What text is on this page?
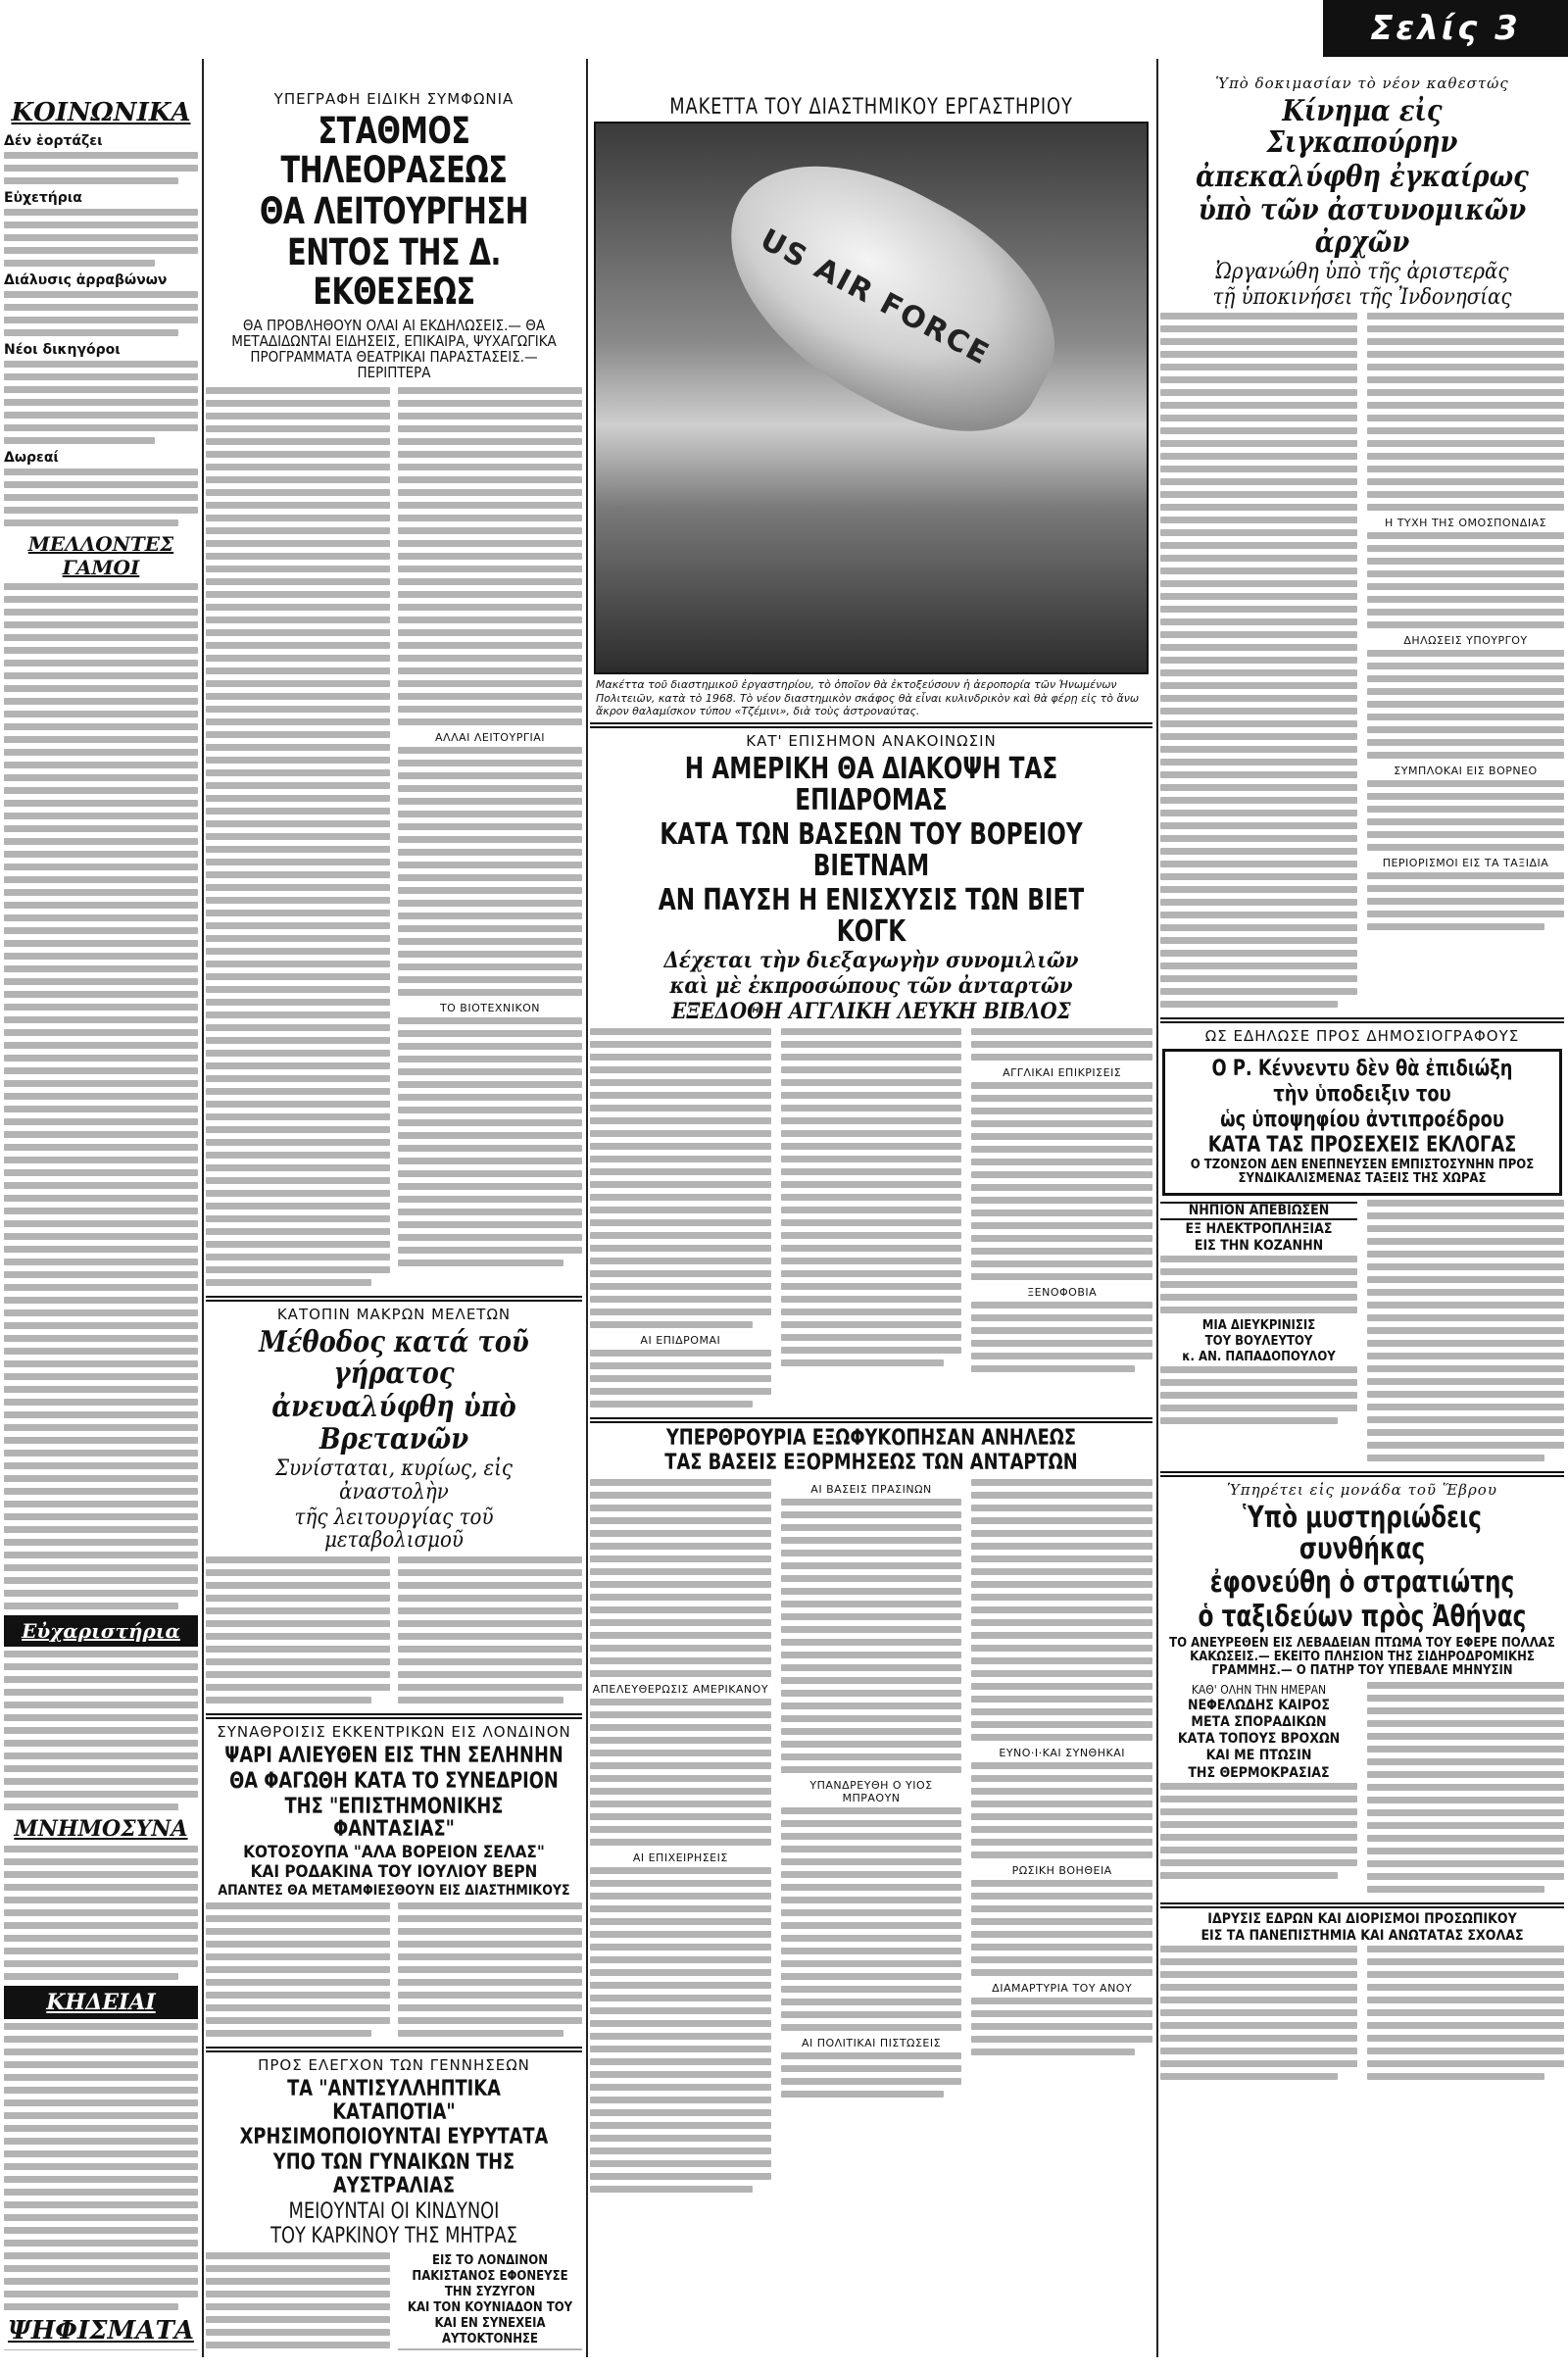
Σελίς 3
ΚΟΙΝΩΝΙΚΑ
Δέν ἑορτάζει
Εὐχετήρια
Διάλυσις ἀρραβώνων
Νέοι δικηγόροι
Δωρεαί
ΜΕΛΛΟΝΤΕΣ ΓΑΜΟΙ
Εὐχαριστήρια
ΜΝΗΜΟΣΥΝΑ
ΚΗΔΕΙΑΙ
ΨΗΦΙΣΜΑΤΑ
ΥΠΕΓΡΑΦΗ ΕΙΔΙΚΗ ΣΥΜΦΩΝΙΑ
ΣΤΑΘΜΟΣ ΤΗΛΕΟΡΑΣΕΩΣ
ΘΑ ΛΕΙΤΟΥΡΓΗΣΗ
ΕΝΤΟΣ ΤΗΣ Δ. ΕΚΘΕΣΕΩΣ
ΘΑ ΠΡΟΒΛΗΘΟΥΝ ΟΛΑΙ ΑΙ ΕΚΔΗΛΩΣΕΙΣ.— ΘΑ ΜΕΤΑΔΙΔΩΝΤΑΙ ΕΙΔΗΣΕΙΣ, ΕΠΙΚΑΙΡΑ, ΨΥΧΑΓΩΓΙΚΑ ΠΡΟΓΡΑΜΜΑΤΑ ΘΕΑΤΡΙΚΑΙ ΠΑΡΑΣΤΑΣΕΙΣ.— ΠΕΡΙΠΤΕΡΑ
ΑΛΛΑΙ ΛΕΙΤΟΥΡΓΙΑΙ
ΤΟ ΒΙΟΤΕΧΝΙΚΟΝ
ΚΑΤΟΠΙΝ ΜΑΚΡΩΝ ΜΕΛΕΤΩΝ
Μέθοδος κατά τοῦ γήρατος
ἀνευαλύφθη ὑπὸ Βρετανῶν
Συνίσταται, κυρίως, εἰς ἀναστολὴν
τῆς λειτουργίας τοῦ μεταβολισμοῦ
ΣΥΝΑΘΡΟΙΣΙΣ ΕΚΚΕΝΤΡΙΚΩΝ ΕΙΣ ΛΟΝΔΙΝΟΝ
ΨΑΡΙ ΑΛΙΕΥΘΕΝ ΕΙΣ ΤΗΝ ΣΕΛΗΝΗΝ
ΘΑ ΦΑΓΩΘΗ ΚΑΤΑ ΤΟ ΣΥΝΕΔΡΙΟΝ
ΤΗΣ "ΕΠΙΣΤΗΜΟΝΙΚΗΣ ΦΑΝΤΑΣΙΑΣ"
ΚΟΤΟΣΟΥΠΑ "ΑΛΑ ΒΟΡΕΙΟΝ ΣΕΛΑΣ"
ΚΑΙ ΡΟΔΑΚΙΝΑ ΤΟΥ ΙΟΥΛΙΟΥ ΒΕΡΝ
ΑΠΑΝΤΕΣ ΘΑ ΜΕΤΑΜΦΙΕΣΘΟΥΝ ΕΙΣ ΔΙΑΣΤΗΜΙΚΟΥΣ
ΠΡΟΣ ΕΛΕΓΧΟΝ ΤΩΝ ΓΕΝΝΗΣΕΩΝ
ΤΑ "ΑΝΤΙΣΥΛΛΗΠΤΙΚΑ ΚΑΤΑΠΟΤΙΑ"
ΧΡΗΣΙΜΟΠΟΙΟΥΝΤΑΙ ΕΥΡΥΤΑΤΑ
ΥΠΟ ΤΩΝ ΓΥΝΑΙΚΩΝ ΤΗΣ ΑΥΣΤΡΑΛΙΑΣ
ΜΕΙΟΥΝΤΑΙ ΟΙ ΚΙΝΔΥΝΟΙ
ΤΟΥ ΚΑΡΚΙΝΟΥ ΤΗΣ ΜΗΤΡΑΣ
ΕΙΣ ΤΟ ΛΟΝΔΙΝΟΝ
ΠΑΚΙΣΤΑΝΟΣ ΕΦΟΝΕΥΣΕ
ΤΗΝ ΣΥΖΥΓΟΝ
ΚΑΙ ΤΟΝ ΚΟΥΝΙΑΔΟΝ ΤΟΥ
ΚΑΙ ΕΝ ΣΥΝΕΧΕΙΑ
ΑΥΤΟΚΤΟΝΗΣΕ
ΜΑΚΕΤΤΑ ΤΟΥ ΔΙΑΣΤΗΜΙΚΟΥ ΕΡΓΑΣΤΗΡΙΟΥ
US AIR FORCE
Μακέττα τοῦ διαστημικοῦ ἐργαστηρίου, τὸ ὁποῖον θὰ ἐκτοξεύσουν ἡ ἀεροπορία τῶν Ἡνωμένων Πολιτειῶν, κατὰ τὸ 1968. Τὸ νέον διαστημικὸν σκάφος θὰ εἶναι κυλινδρικὸν καὶ θὰ φέρῃ εἰς τὸ ἄνω ἄκρον θαλαμίσκον τύπου «Τζέμινι», διὰ τοὺς ἀστροναύτας.
ΚΑΤ' ΕΠΙΣΗΜΟΝ ΑΝΑΚΟΙΝΩΣΙΝ
Η ΑΜΕΡΙΚΗ ΘΑ ΔΙΑΚΟΨΗ ΤΑΣ ΕΠΙΔΡΟΜΑΣ
ΚΑΤΑ ΤΩΝ ΒΑΣΕΩΝ ΤΟΥ ΒΟΡΕΙΟΥ ΒΙΕΤΝΑΜ
ΑΝ ΠΑΥΣΗ Η ΕΝΙΣΧΥΣΙΣ ΤΩΝ ΒΙΕΤ ΚΟΓΚ
Δέχεται τὴν διεξαγωγὴν συνομιλιῶν
καὶ μὲ ἐκπροσώπους τῶν ἀνταρτῶν
ΕΞΕΔΟΘΗ ΑΓΓΛΙΚΗ ΛΕΥΚΗ ΒΙΒΛΟΣ
ΑΙ ΕΠΙΔΡΟΜΑΙ
ΑΓΓΛΙΚΑΙ ΕΠΙΚΡΙΣΕΙΣ
ΞΕΝΟΦΟΒΙΑ
ΥΠΕΡΘΡΟΥΡΙΑ ΕΞΩΦΥΚΟΠΗΣΑΝ ΑΝΗΛΕΩΣ
ΤΑΣ ΒΑΣΕΙΣ ΕΞΟΡΜΗΣΕΩΣ ΤΩΝ ΑΝΤΑΡΤΩΝ
ΑΠΕΛΕΥΘΕΡΩΣΙΣ ΑΜΕΡΙΚΑΝΟΥ
ΑΙ ΕΠΙΧΕΙΡΗΣΕΙΣ
ΑΙ ΒΑΣΕΙΣ ΠΡΑΣΙΝΩΝ
ΥΠΑΝΔΡΕΥΘΗ Ο ΥΙΟΣ ΜΠΡΑΟΥΝ
ΑΙ ΠΟΛΙΤΙΚΑΙ ΠΙΣΤΩΣΕΙΣ
ΕΥΝΟ·Ι·ΚΑΙ ΣΥΝΘΗΚΑΙ
ΡΩΣΙΚΗ ΒΟΗΘΕΙΑ
ΔΙΑΜΑΡΤΥΡΙΑ ΤΟΥ ΑΝΟΥ
Ὑπὸ δοκιμασίαν τὸ νέον καθεστώς
Κίνημα εἰς Σιγκαπούρην
ἀπεκαλύφθη ἐγκαίρως
ὑπὸ τῶν ἀστυνομικῶν ἀρχῶν
Ὠργανώθη ὑπὸ τῆς ἀριστερᾶς
τῇ ὑποκινήσει τῆς Ἰνδονησίας
Η ΤΥΧΗ ΤΗΣ ΟΜΟΣΠΟΝΔΙΑΣ
ΔΗΛΩΣΕΙΣ ΥΠΟΥΡΓΟΥ
ΣΥΜΠΛΟΚΑΙ ΕΙΣ ΒΟΡΝΕΟ
ΠΕΡΙΟΡΙΣΜΟΙ ΕΙΣ ΤΑ ΤΑΞΙΔΙΑ
ΩΣ ΕΔΗΛΩΣΕ ΠΡΟΣ ΔΗΜΟΣΙΟΓΡΑΦΟΥΣ
Ο Ρ. Κέννεντυ δὲν θὰ ἐπιδιώξη
τὴν ὑποδειξιν του
ὡς ὑποψηφίου ἀντιπροέδρου
ΚΑΤΑ ΤΑΣ ΠΡΟΣΕΧΕΙΣ ΕΚΛΟΓΑΣ
Ο ΤΖΟΝΣΟΝ ΔΕΝ ΕΝΕΠΝΕΥΣΕΝ ΕΜΠΙΣΤΟΣΥΝΗΝ ΠΡΟΣ ΣΥΝΔΙΚΑΛΙΣΜΕΝΑΣ ΤΑΞΕΙΣ ΤΗΣ ΧΩΡΑΣ
ΝΗΠΙΟΝ ΑΠΕΒΙΩΣΕΝ
ΕΞ ΗΛΕΚΤΡΟΠΛΗΞΙΑΣ
ΕΙΣ ΤΗΝ ΚΟΖΑΝΗΝ
ΜΙΑ ΔΙΕΥΚΡΙΝΙΣΙΣ
ΤΟΥ ΒΟΥΛΕΥΤΟΥ
κ. ΑΝ. ΠΑΠΑΔΟΠΟΥΛΟΥ
Ὑπηρέτει εἰς μονάδα τοῦ Ἕβρου
Ὑπὸ μυστηριώδεις συνθήκας
ἐφονεύθη ὁ στρατιώτης
ὁ ταξιδεύων πρὸς Ἀθήνας
ΤΟ ΑΝΕΥΡΕΘΕΝ ΕΙΣ ΛΕΒΑΔΕΙΑΝ ΠΤΩΜΑ ΤΟΥ ΕΦΕΡΕ ΠΟΛΛΑΣ ΚΑΚΩΣΕΙΣ.— ΕΚΕΙΤΟ ΠΛΗΣΙΟΝ ΤΗΣ ΣΙΔΗΡΟΔΡΟΜΙΚΗΣ ΓΡΑΜΜΗΣ.— Ο ΠΑΤΗΡ ΤΟΥ ΥΠΕΒΑΛΕ ΜΗΝΥΣΙΝ
ΚΑΘ' ΟΛΗΝ ΤΗΝ ΗΜΕΡΑΝ
ΝΕΦΕΛΩΔΗΣ ΚΑΙΡΟΣ
ΜΕΤΑ ΣΠΟΡΑΔΙΚΩΝ
ΚΑΤΑ ΤΟΠΟΥΣ ΒΡΟΧΩΝ
ΚΑΙ ΜΕ ΠΤΩΣΙΝ
ΤΗΣ ΘΕΡΜΟΚΡΑΣΙΑΣ
ΙΔΡΥΣΙΣ ΕΔΡΩΝ ΚΑΙ ΔΙΟΡΙΣΜΟΙ ΠΡΟΣΩΠΙΚΟΥ
ΕΙΣ ΤΑ ΠΑΝΕΠΙΣΤΗΜΙΑ ΚΑΙ ΑΝΩΤΑΤΑΣ ΣΧΟΛΑΣ
